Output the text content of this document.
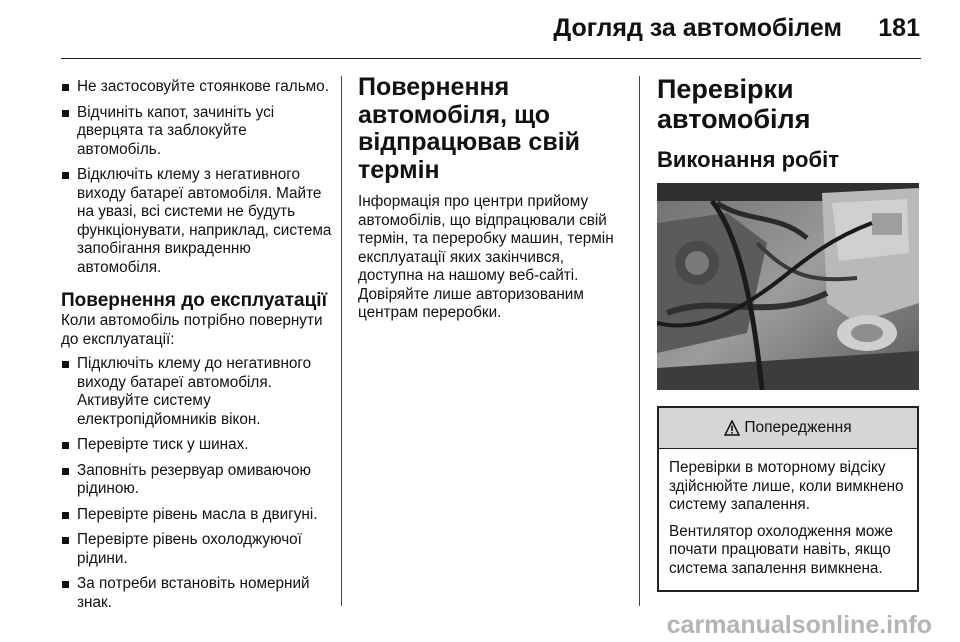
Догляд за автомобілем 181
Не застосовуйте стоянкове гальмо.
Відчиніть капот, зачиніть усі дверцята та заблокуйте автомобіль.
Відключіть клему з негативного виходу батареї автомобіля. Майте на увазі, всі системи не будуть функціонувати, наприклад, система запобігання викраденню автомобіля.
Повернення до експлуатації

Коли автомобіль потрібно повернути до експлуатації:

Підключіть клему до негативного виходу батареї автомобіля. Активуйте систему електропідйомників вікон.
Перевірте тиск у шинах.
Заповніть резервуар омиваючою рідиною.
Перевірте рівень масла в двигуні.
Перевірте рівень охолоджуючої рідини.
За потреби встановіть номерний знак.
Повернення автомобіля, що відпрацював свій термін

Інформація про центри прийому автомобілів, що відпрацювали свій термін, та переробку машин, термін експлуатації яких закінчився, доступна на нашому веб-сайті.

Довіряйте лише авторизованим центрам переробки.

Перевірки автомобіля
Виконання робіт
Попередження

Перевірки в моторному відсіку здійснюйте лише, коли вимкнено систему запалення.

Вентилятор охолодження може почати працювати навіть, якщо система запалення вимкнена.

carmanualsonline.info
